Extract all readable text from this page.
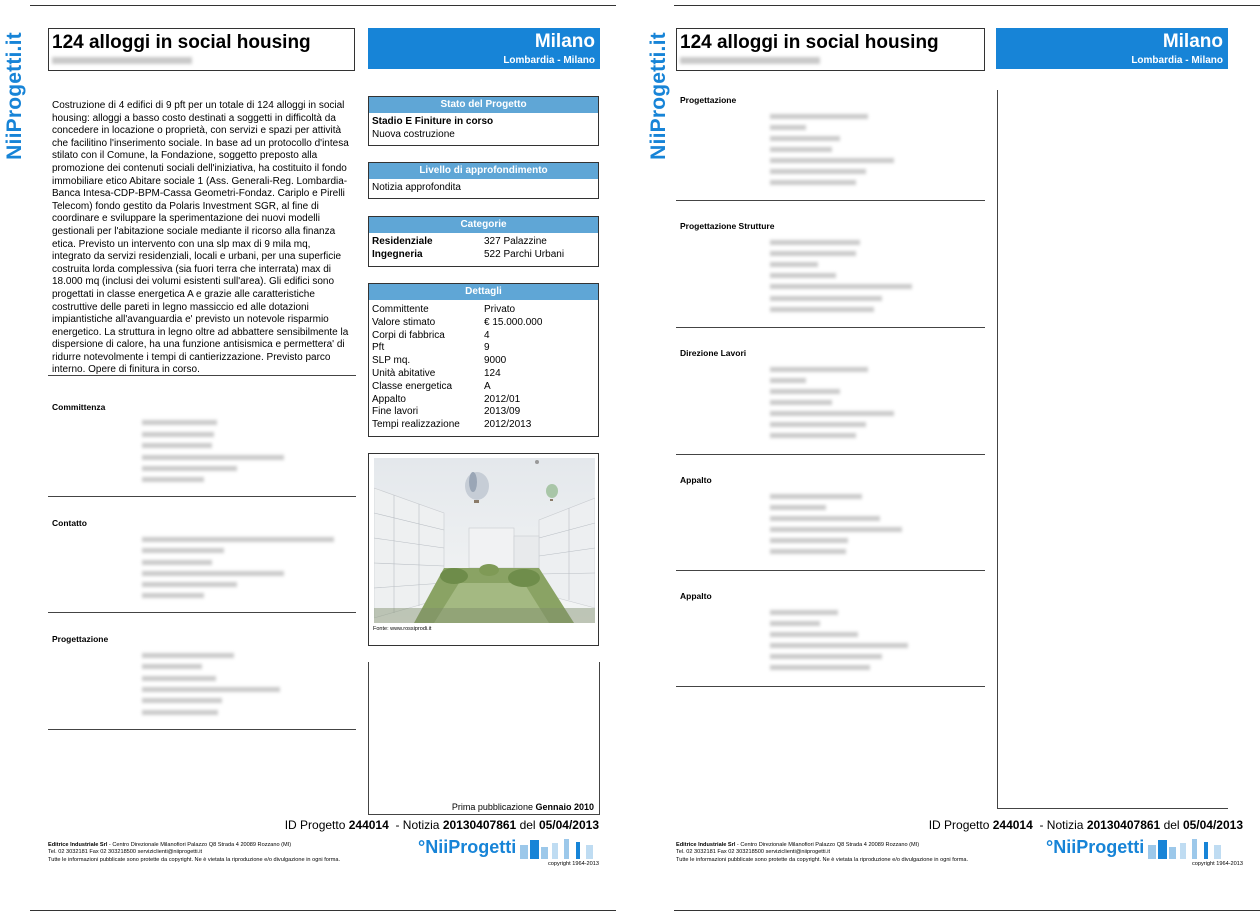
NiiProgetti.it 124 alloggi in social housing	Milano
Lombardia - Milano
Costruzione di 4 edifici di 9 pft per un totale di 124 alloggi in social housing: alloggi a basso costo destinati a soggetti in difficoltà da concedere in locazione o proprietà, con servizi e spazi per attività che facilitino l'inserimento sociale. In base ad un protocollo d'intesa stilato con il Comune, la Fondazione, soggetto preposto alla promozione dei contenuti sociali dell'iniziativa, ha costituito il fondo immobiliare etico Abitare sociale 1 (Ass. Generali-Reg. Lombardia-Banca Intesa-CDP-BPM-Cassa Geometri-Fondaz. Cariplo e Pirelli Telecom) fondo gestito da Polaris Investment SGR, al fine di coordinare e sviluppare la sperimentazione dei nuovi modelli gestionali per l'abitazione sociale mediante il ricorso alla finanza etica. Previsto un intervento con una slp max di 9 mila mq, integrato da servizi residenziali, locali e urbani, per una superficie costruita lorda complessiva (sia fuori terra che interrata) max di 18.000 mq (inclusi dei volumi esistenti sull'area). Gli edifici sono progettati in classe energetica A e grazie alle caratteristiche costruttive delle pareti in legno massiccio ed alle dotazioni impiantistiche all'avanguardia e' previsto un notevole risparmio energetico. La struttura in legno oltre ad abbattere sensibilmente la dispersione di calore, ha una funzione antisismica e permettera' di ridurre notevolmente i tempi di cantierizzazione. Previsto parco interno. Opere di finitura in corso.
Committenza
Contatto
Progettazione
Stato del Progetto
Stadio E Finiture in corso
Nuova costruzione
Livello di approfondimento
Notizia approfondita
Categorie
Residenziale	327 Palazzine
Ingegneria	522 Parchi Urbani
Dettagli
Committente	Privato
Valore stimato	€ 15.000.000
Corpi di fabbrica	4
Pft	9
SLP mq.	9000
Unità abitative	124
Classe energetica	A
Appalto	2012/01
Fine lavori	2013/09
Tempi realizzazione	2012/2013
Fonte: www.rossiprodi.it
Prima pubblicazione Gennaio 2010
ID Progetto 244014  - Notizia 20130407861 del 05/04/2013
Editrice Industriale Srl - Centro Direzionale Milanofiori Palazzo Q8 Strada 4 20089 Rozzano (MI)
Tel. 02 3032181 Fax 02 303218500 serviziclienti@niiprogetti.it
Tutte le informazioni pubblicate sono protette da copyright. Ne è vietata la riproduzione e/o divulgazione in ogni forma.
°NiiProgetti
copyright 1964-2013
NiiProgetti.it 124 alloggi in social housing	Milano
Lombardia - Milano
Progettazione
Progettazione Strutture
Direzione Lavori
Appalto
Appalto
ID Progetto 244014  - Notizia 20130407861 del 05/04/2013
Editrice Industriale Srl - Centro Direzionale Milanofiori Palazzo Q8 Strada 4 20089 Rozzano (MI)
Tel. 02 3032181 Fax 02 303218500 serviziclienti@niiprogetti.it
Tutte le informazioni pubblicate sono protette da copyright. Ne è vietata la riproduzione e/o divulgazione in ogni forma.
°NiiProgetti
copyright 1964-2013
